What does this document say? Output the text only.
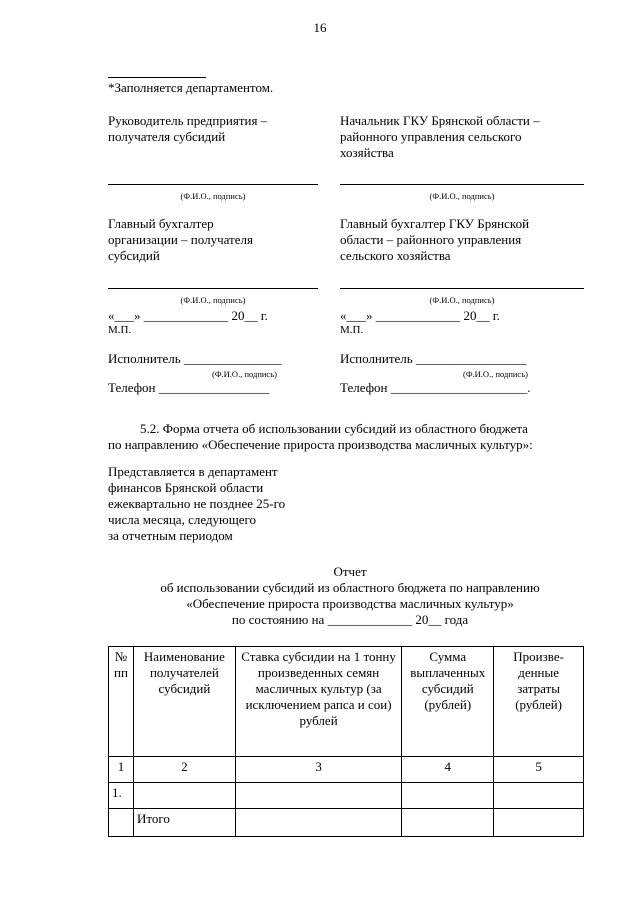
16
*Заполняется департаментом.
Руководитель предприятия –
получателя субсидий
Начальник ГКУ Брянской области –
районного управления сельского
хозяйства
(Ф.И.О., подпись)	(Ф.И.О., подпись)
Главный бухгалтер
организации – получателя
субсидий
Главный бухгалтер ГКУ Брянской
области – районного управления
сельского хозяйства
(Ф.И.О., подпись)	(Ф.И.О., подпись)
«___» _____________ 20__ г.	«___» _____________ 20__ г.
М.П.	М.П.
Исполнитель _______________	Исполнитель _________________
(Ф.И.О., подпись)	(Ф.И.О., подпись)
Телефон _________________	Телефон _____________________.
5.2. Форма отчета об использовании субсидий из областного бюджета
по направлению «Обеспечение прироста производства масличных культур»:
Представляется в департамент
финансов Брянской области
ежеквартально не позднее 25-го
числа месяца, следующего
за отчетным периодом
Отчет
об использовании субсидий из областного бюджета по направлению
«Обеспечение прироста производства масличных культур»
по состоянию на _____________ 20__ года
№ пп	Наименование получателей субсидий	Ставка субсидии на 1 тонну произведенных семян масличных культур (за исключением рапса и сои) рублей	Сумма выплаченных субсидий (рублей)	Произве-денные затраты (рублей)
1	2	3	4	5
1.				
	Итого			
